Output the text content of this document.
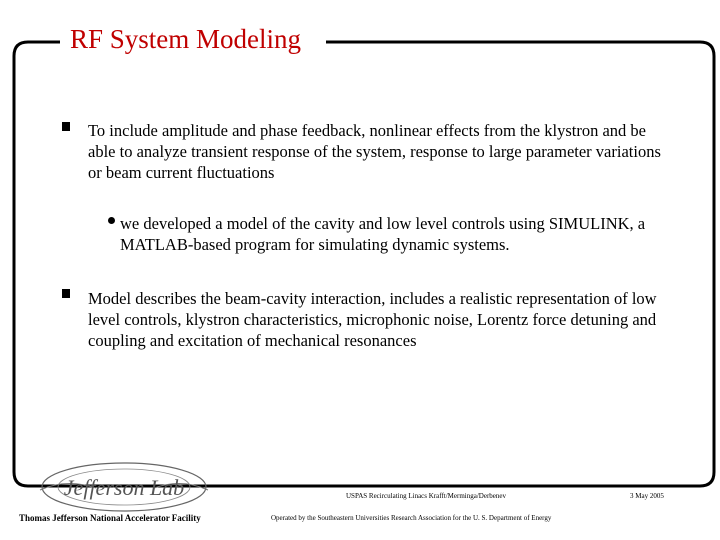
RF System Modeling
To include amplitude and phase feedback, nonlinear effects from the klystron and be able to analyze transient response of the system, response to large parameter variations or beam current fluctuations
we developed a model of the cavity and low level controls using SIMULINK, a MATLAB-based program for simulating dynamic systems.
Model describes the beam-cavity interaction, includes a realistic representation of low level controls, klystron characteristics, microphonic noise, Lorentz force detuning and coupling and excitation of mechanical resonances
Jefferson Lab
Thomas Jefferson National Accelerator Facility
USPAS Recirculating Linacs Krafft/Merminga/Derbenev	3 May 2005
Operated by the Southeastern Universities Research Association for the U. S. Department of Energy
